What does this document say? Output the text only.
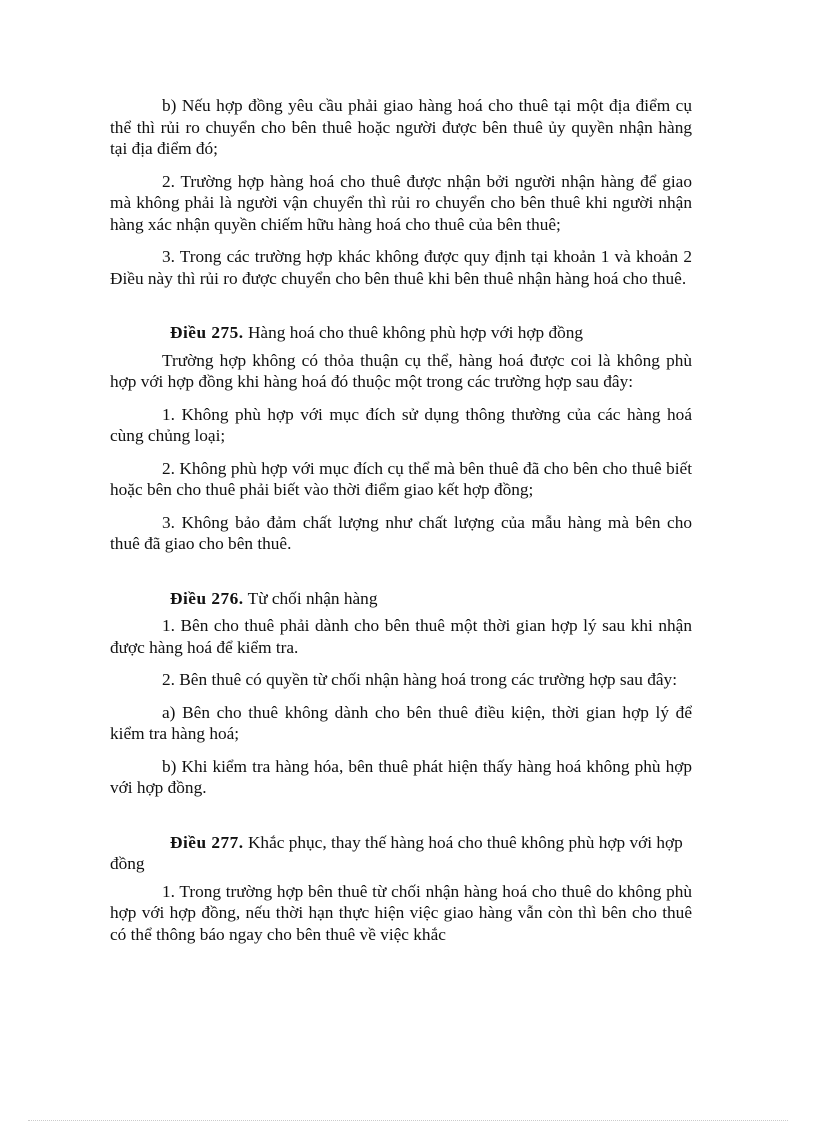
b) Nếu hợp đồng yêu cầu phải giao hàng hoá cho thuê tại một địa điểm cụ thể thì rủi ro chuyển cho bên thuê hoặc người được bên thuê ủy quyền nhận hàng tại địa điểm đó;

2. Trường hợp hàng hoá cho thuê được nhận bởi người nhận hàng để giao mà không phải là người vận chuyển thì rủi ro chuyển cho bên thuê khi người nhận hàng xác nhận quyền chiếm hữu hàng hoá cho thuê của bên thuê;

3. Trong các trường hợp khác không được quy định tại khoản 1 và khoản 2 Điều này thì rủi ro được chuyển cho bên thuê khi bên thuê nhận hàng hoá cho thuê.

Điều 275. Hàng hoá cho thuê không phù hợp với hợp đồng

Trường hợp không có thỏa thuận cụ thể, hàng hoá được coi là không phù hợp với hợp đồng khi hàng hoá đó thuộc một trong các trường hợp sau đây:

1. Không phù hợp với mục đích sử dụng thông thường của các hàng hoá cùng chủng loại;

2. Không phù hợp với mục đích cụ thể mà bên thuê đã cho bên cho thuê biết hoặc bên cho thuê phải biết vào thời điểm giao kết hợp đồng;

3. Không bảo đảm chất lượng như chất lượng của mẫu hàng mà bên cho thuê đã giao cho bên thuê.

Điều 276. Từ chối nhận hàng

1. Bên cho thuê phải dành cho bên thuê một thời gian hợp lý sau khi nhận được hàng hoá để kiểm tra.

2. Bên thuê có quyền từ chối nhận hàng hoá trong các trường hợp sau đây:

a) Bên cho thuê không dành cho bên thuê điều kiện, thời gian hợp lý để kiểm tra hàng hoá;

b) Khi kiểm tra hàng hóa, bên thuê phát hiện thấy hàng hoá không phù hợp với hợp đồng.

Điều 277. Khắc phục, thay thế hàng hoá cho thuê không phù hợp với hợp đồng

1. Trong trường hợp bên thuê từ chối nhận hàng hoá cho thuê do không phù hợp với hợp đồng, nếu thời hạn thực hiện việc giao hàng vẫn còn thì bên cho thuê có thể thông báo ngay cho bên thuê về việc khắc
